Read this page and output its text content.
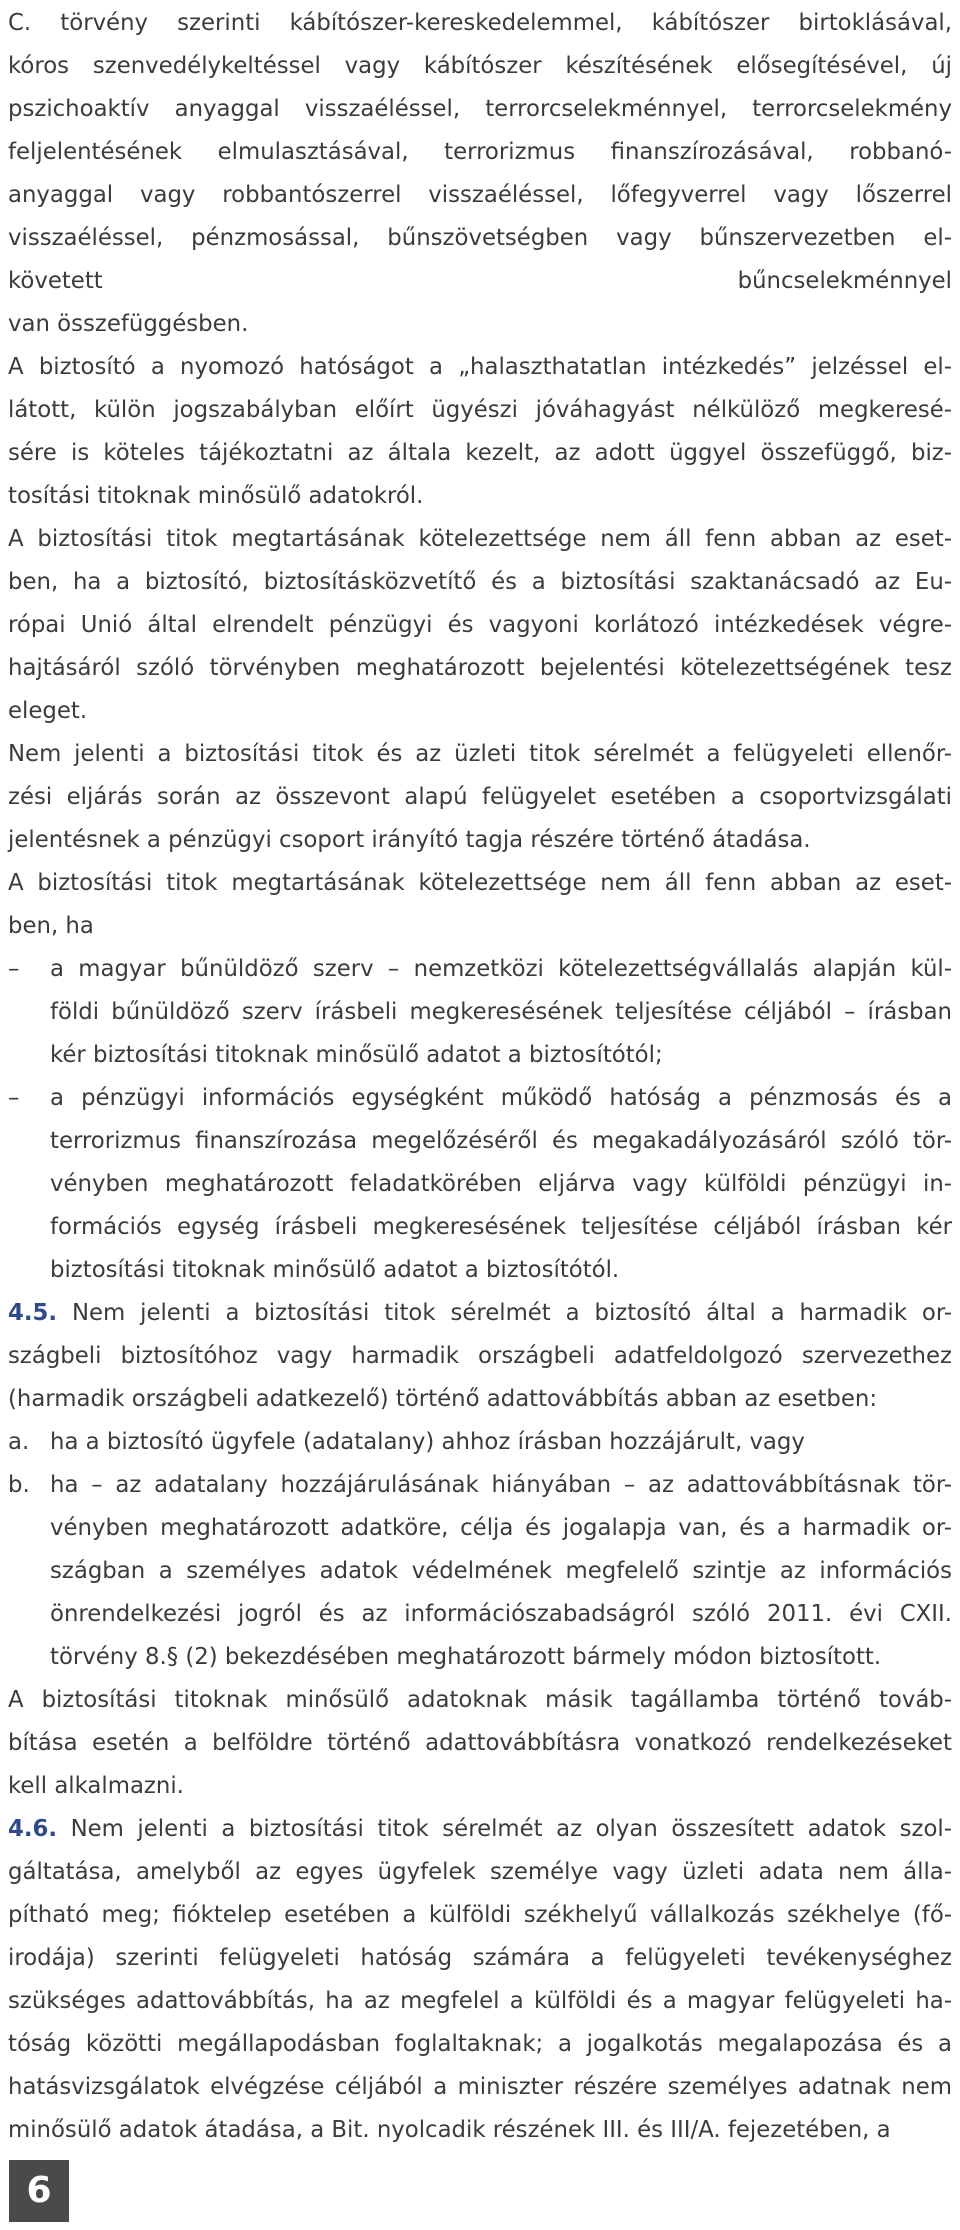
C. törvény szerinti kábítószer-kereskedelemmel, kábítószer birtoklásával,
kóros szenvedélykeltéssel vagy kábítószer készítésének elősegítésével, új
pszichoaktív anyaggal visszaéléssel, terrorcselekménnyel, terrorcselekmény
feljelentésének elmulasztásával, terrorizmus finanszírozásával, robbanó-
anyaggal vagy robbantószerrel visszaéléssel, lőfegyverrel vagy lőszerrel
visszaéléssel, pénzmosással, bűnszövetségben vagy bűnszervezetben el-
követett bűncselekménnyel
van összefüggésben.
A biztosító a nyomozó hatóságot a „halaszthatatlan intézkedés” jelzéssel el-
látott, külön jogszabályban előírt ügyészi jóváhagyást nélkülöző megkeresé-
sére is köteles tájékoztatni az általa kezelt, az adott üggyel összefüggő, biz-
tosítási titoknak minősülő adatokról.
A biztosítási titok megtartásának kötelezettsége nem áll fenn abban az eset-
ben, ha a biztosító, biztosításközvetítő és a biztosítási szaktanácsadó az Eu-
rópai Unió által elrendelt pénzügyi és vagyoni korlátozó intézkedések végre-
hajtásáról szóló törvényben meghatározott bejelentési kötelezettségének tesz
eleget.
Nem jelenti a biztosítási titok és az üzleti titok sérelmét a felügyeleti ellenőr-
zési eljárás során az összevont alapú felügyelet esetében a csoportvizsgálati
jelentésnek a pénzügyi csoport irányító tagja részére történő átadása.
A biztosítási titok megtartásának kötelezettsége nem áll fenn abban az eset-
ben, ha
– a magyar bűnüldöző szerv – nemzetközi kötelezettségvállalás alapján kül-
földi bűnüldöző szerv írásbeli megkeresésének teljesítése céljából – írásban
kér biztosítási titoknak minősülő adatot a biztosítótól;
– a pénzügyi információs egységként működő hatóság a pénzmosás és a
terrorizmus finanszírozása megelőzéséről és megakadályozásáról szóló tör-
vényben meghatározott feladatkörében eljárva vagy külföldi pénzügyi in-
formációs egység írásbeli megkeresésének teljesítése céljából írásban kér
biztosítási titoknak minősülő adatot a biztosítótól.
4.5. Nem jelenti a biztosítási titok sérelmét a biztosító által a harmadik or-
szágbeli biztosítóhoz vagy harmadik országbeli adatfeldolgozó szervezethez
(harmadik országbeli adatkezelő) történő adattovábbítás abban az esetben:
a. ha a biztosító ügyfele (adatalany) ahhoz írásban hozzájárult, vagy
b. ha – az adatalany hozzájárulásának hiányában – az adattovábbításnak tör-
vényben meghatározott adatköre, célja és jogalapja van, és a harmadik or-
szágban a személyes adatok védelmének megfelelő szintje az információs
önrendelkezési jogról és az információszabadságról szóló 2011. évi CXII.
törvény 8.§ (2) bekezdésében meghatározott bármely módon biztosított.
A biztosítási titoknak minősülő adatoknak másik tagállamba történő továb-
bítása esetén a belföldre történő adattovábbításra vonatkozó rendelkezéseket
kell alkalmazni.
4.6. Nem jelenti a biztosítási titok sérelmét az olyan összesített adatok szol-
gáltatása, amelyből az egyes ügyfelek személye vagy üzleti adata nem álla-
pítható meg; fióktelep esetében a külföldi székhelyű vállalkozás székhelye (fő-
irodája) szerinti felügyeleti hatóság számára a felügyeleti tevékenységhez
szükséges adattovábbítás, ha az megfelel a külföldi és a magyar felügyeleti ha-
tóság közötti megállapodásban foglaltaknak; a jogalkotás megalapozása és a
hatásvizsgálatok elvégzése céljából a miniszter részére személyes adatnak nem
minősülő adatok átadása, a Bit. nyolcadik részének III. és III/A. fejezetében, a
6
